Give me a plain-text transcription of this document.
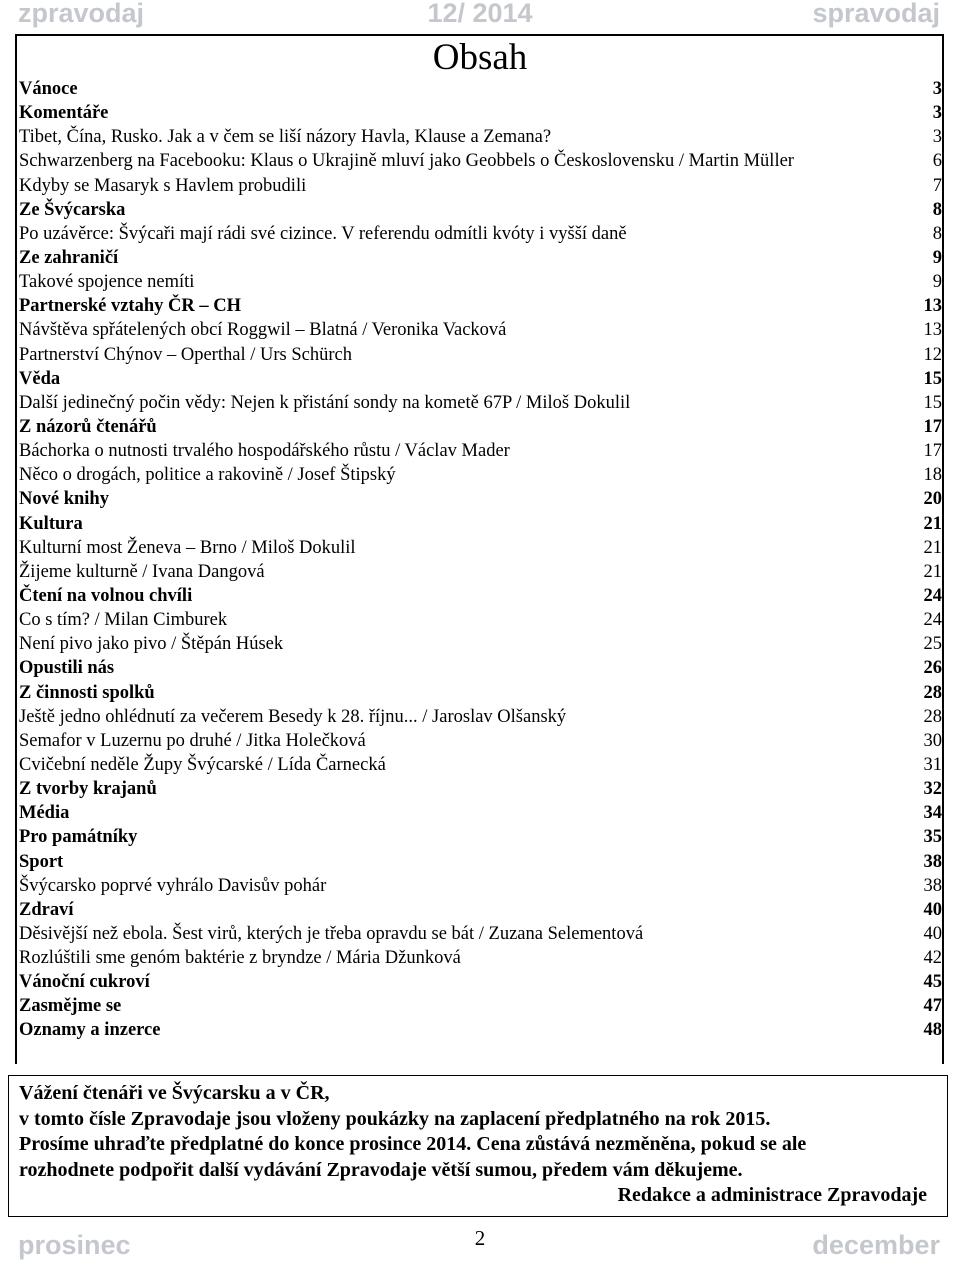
zpravodaj	12/ 2014	spravodaj
Obsah
Vánoce	3
Komentáře	3
Tibet, Čína, Rusko. Jak a v čem se liší názory Havla, Klause a Zemana?	3
Schwarzenberg na Facebooku: Klaus o Ukrajině mluví jako Geobbels o Československu / Martin Müller	6
Kdyby se Masaryk s Havlem probudili	7
Ze Švýcarska	8
Po uzávěrce: Švýcaři mají rádi své cizince. V referendu odmítli kvóty i vyšší daně	8
Ze zahraničí	9
Takové spojence nemíti	9
Partnerské vztahy ČR – CH	13
Návštěva spřátelených obcí Roggwil – Blatná / Veronika Vacková	13
Partnerství Chýnov – Operthal / Urs Schürch	12
Věda	15
Další jedinečný počin vědy: Nejen k přistání sondy na kometě 67P / Miloš Dokulil	15
Z názorů čtenářů	17
Báchorka o nutnosti trvalého hospodářského růstu / Václav Mader	17
Něco o drogách, politice a rakovině / Josef Štipský	18
Nové knihy	20
Kultura	21
Kulturní most Ženeva – Brno / Miloš Dokulil	21
Žijeme kulturně / Ivana Dangová	21
Čtení na volnou chvíli	24
Co s tím? / Milan Cimburek	24
Není pivo jako pivo / Štěpán Húsek	25
Opustili nás	26
Z činnosti spolků	28
Ještě jedno ohlédnutí za večerem Besedy k 28. říjnu... / Jaroslav Olšanský	28
Semafor v Luzernu po druhé / Jitka Holečková	30
Cvičební neděle Župy Švýcarské / Lída Čarnecká	31
Z tvorby krajanů	32
Média	34
Pro památníky	35
Sport	38
Švýcarsko poprvé vyhrálo Davisův pohár	38
Zdraví	40
Děsivější než ebola. Šest virů, kterých je třeba opravdu se bát / Zuzana Selementová	40
Rozlúštili sme genóm baktérie z bryndze / Mária Džunková	42
Vánoční cukroví	45
Zasmějme se	47
Oznamy a inzerce	48
Vážení čtenáři ve Švýcarsku a v ČR,
v tomto čísle Zpravodaje jsou vloženy poukázky na zaplacení předplatného na rok 2015.
Prosíme uhraďte předplatné do konce prosince 2014. Cena zůstává nezměněna, pokud se ale
rozhodnete podpořit další vydávání Zpravodaje větší sumou, předem vám děkujeme.
Redakce a administrace Zpravodaje
2
prosinec	december
